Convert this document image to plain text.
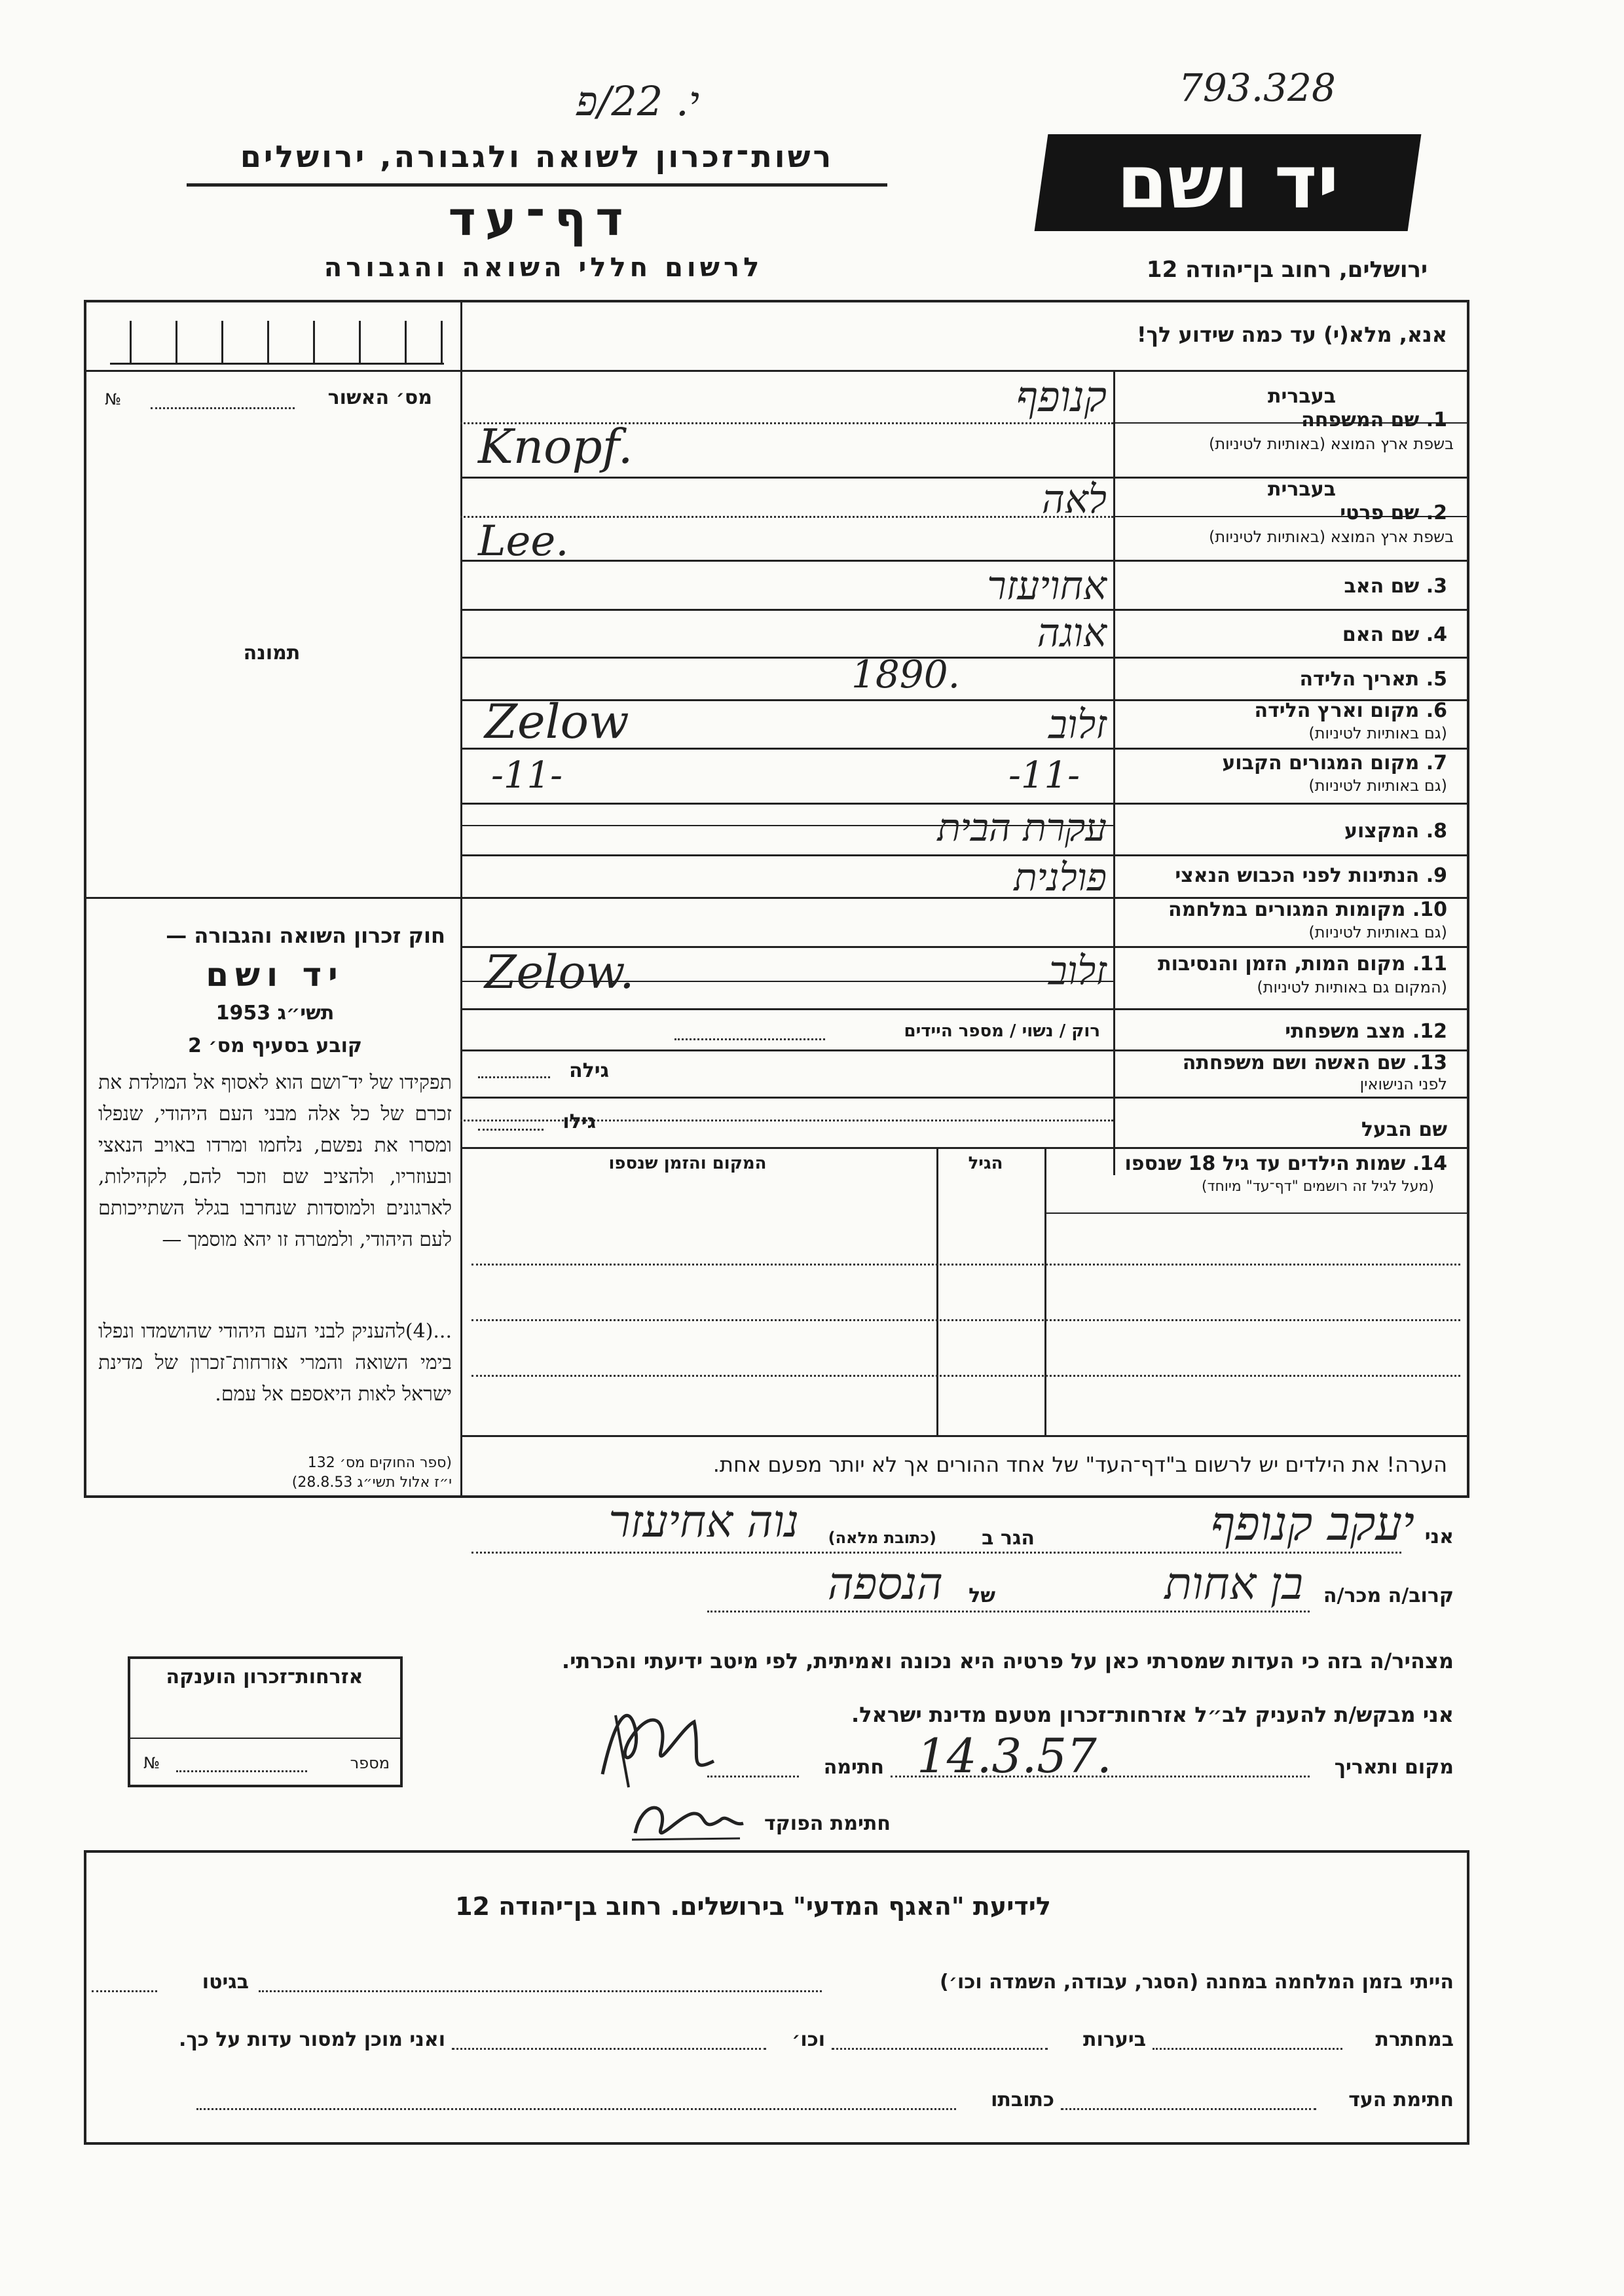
י. 22/פ	793.328
רשות־זכרון לשואה ולגבורה, ירושלים
דף־עד
לרשום חללי השואה והגבורה
יד ושם
ירושלים, רחוב בן־יהודה 12
אנא, מלא(י) עד כמה שידוע לך!
№	מס׳ האשור
תמונה
חוק זכרון השואה והגבורה —
יד ושם
תשי״ג 1953
קובע בסעיף מס׳ 2
תפקידו של יד־ושם הוא לאסוף אל המולדת את זכרם של כל אלה מבני העם היהודי, שנפלו ומסרו את נפשם, נלחמו ומרדו באויב הנאצי ובעוזריו, ולהציב שם וזכר להם, לקהילות, לארגונים ולמוסדות שנחרבו בגלל השתייכותם לעם היהודי, ולמטרה זו יהא מוסמך —
...(4)להעניק לבני העם היהודי שהושמדו ונפלו בימי השואה והמרי אזרחות־זכרון של מדינת ישראל לאות היאספם אל עמם.
(ספר החוקים מס׳ 132
י״ז אלול תשי״ג 28.8.53)
בעברית
1. שם המשפחה
בשפת ארץ המוצא (באותיות לטיניות)
בעברית
2. שם פרטי
בשפת ארץ המוצא (באותיות לטיניות)
3. שם האב
4. שם האם
5. תאריך הלידה
6. מקום וארץ הלידה
(גם באותיות לטיניות)
7. מקום המגורים הקבוע
(גם באותיות לטיניות)
8. המקצוע
9. הנתינות לפני הכבוש הנאצי
10. מקומות המגורים במלחמה
(גם באותיות לטיניות)
11. מקום המות, הזמן והנסיבות
(המקום גם באותיות לטיניות)
12. מצב משפחתי
13. שם האשה ושם משפחתה
לפני הנישואין
שם הבעל
קנופף
Knopf.
לאה
Lee.
אחויעזר
אוגה
1890.
זלוב
Zelow
-11-
-11-
עקרת הבית
פולנית
זלוב
Zelow.
רוק / נשוי / מספר היידים
גילה
גילו
14. שמות הילדים עד גיל 18 שנספו
(מעל לגיל זה רושמים "דף־עד" מיוחד)
הגיל
המקום והזמן שנספו
הערה! את הילדים יש לרשום ב"דף־העד" של אחד ההורים אך לא יותר מפעם אחת.
אני
יעקב קנופף
הגר ב
(כתובת מלאה)
נוה אחיעזר
קרוב/ה מכר/ה
בן אחות
של
הנספה
מצהיר/ה בזה כי העדות שמסרתי כאן על פרטיה היא נכונה ואמיתית, לפי מיטב ידיעתי והכרתי.
אני מבקש/ת להעניק לב״ל אזרחות־זכרון מטעם מדינת ישראל.
מקום ותאריך
14.3.57.
חתימה
חתימת הפוקד
אזרחות־זכרון הוענקה
מספר
№
לידיעת "האגף המדעי" בירושלים. רחוב בן־יהודה 12
הייתי בזמן המלחמה במחנה (הסגר, עבודה, השמדה וכו׳)
בגיטו
במחתרת
ביערות
וכו׳
ואני מוכן למסור עדות על כך.
חתימת העד
כתובתו
